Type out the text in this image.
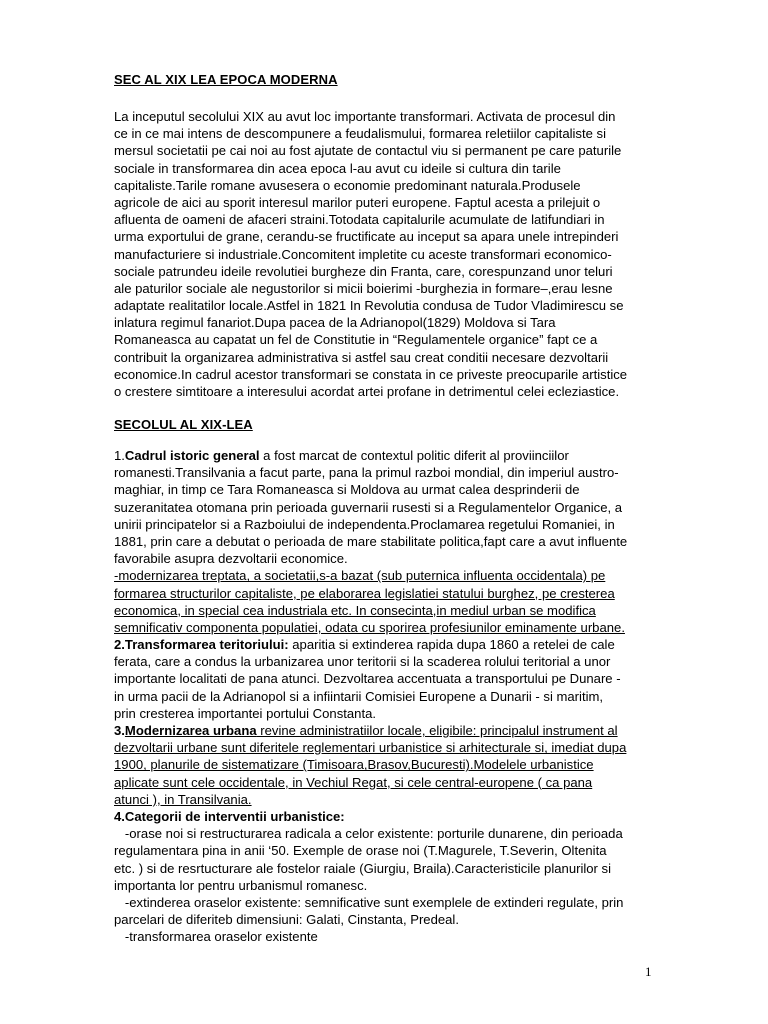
SEC AL XIX LEA EPOCA MODERNA
La inceputul secolului XIX au avut loc importante transformari. Activata de procesul din
ce in ce mai intens de descompunere a feudalismului, formarea reletiilor capitaliste si
mersul societatii pe cai noi au fost ajutate de contactul viu si permanent pe care paturile
sociale in transformarea din acea epoca l-au avut cu ideile si cultura din tarile
capitaliste.Tarile romane avusesera o economie predominant naturala.Produsele
agricole de aici au sporit interesul marilor puteri europene. Faptul acesta a prilejuit o
afluenta de oameni de afaceri straini.Totodata capitalurile acumulate de latifundiari in
urma exportului de grane, cerandu-se fructificate au inceput sa apara unele intrepinderi
manufacturiere si industriale.Concomitent impletite cu aceste transformari economico-
sociale patrundeu ideile revolutiei burgheze din Franta, care, corespunzand unor teluri
ale paturilor sociale ale negustorilor si micii boierimi -burghezia in formare–,erau lesne
adaptate realitatilor locale.Astfel in 1821 In Revolutia condusa de Tudor Vladimirescu se
inlatura regimul fanariot.Dupa pacea de la Adrianopol(1829) Moldova si Tara
Romaneasca au capatat un fel de Constitutie in “Regulamentele organice” fapt ce a
contribuit la organizarea administrativa si astfel sau creat conditii necesare dezvoltarii
economice.In cadrul acestor transformari se constata in ce priveste preocuparile artistice
o crestere simtitoare a interesului acordat artei profane in detrimentul celei ecleziastice.
SECOLUL AL XIX-LEA
1.Cadrul istoric general a fost marcat de contextul politic diferit al proviinciilor
romanesti.Transilvania a facut parte, pana la primul razboi mondial, din imperiul austro-
maghiar, in timp ce Tara Romaneasca si Moldova au urmat calea desprinderii de
suzeranitatea otomana prin perioada guvernarii rusesti si a Regulamentelor Organice, a
unirii principatelor si a Razboiului de independenta.Proclamarea regetului Romaniei, in
1881, prin care a debutat o perioada de mare stabilitate politica,fapt care a avut influente
favorabile asupra dezvoltarii economice.
-modernizarea treptata, a societatii,s-a bazat (sub puternica influenta occidentala) pe
formarea structurilor capitaliste, pe elaborarea legislatiei statului burghez, pe cresterea
economica, in special cea industriala etc. In consecinta,in mediul urban se modifica
semnificativ componenta populatiei, odata cu sporirea profesiunilor eminamente urbane.
2.Transformarea teritoriului: aparitia si extinderea rapida dupa 1860 a retelei de cale
ferata, care a condus la urbanizarea unor teritorii si la scaderea rolului teritorial a unor
importante localitati de pana atunci. Dezvoltarea accentuata a transportului pe Dunare -
in urma pacii de la Adrianopol si a infiintarii Comisiei Europene a Dunarii - si maritim,
prin cresterea importantei portului Constanta.
3.Modernizarea urbana revine administratiilor locale, eligibile: principalul instrument al
dezvoltarii urbane sunt diferitele reglementari urbanistice si arhitecturale si, imediat dupa
1900, planurile de sistematizare (Timisoara,Brasov,Bucuresti).Modelele urbanistice
aplicate sunt cele occidentale, in Vechiul Regat, si cele central-europene ( ca pana
atunci ), in Transilvania.
4.Categorii de interventii urbanistice:
-orase noi si restructurarea radicala a celor existente: porturile dunarene, din perioada
regulamentara pina in anii ‘50. Exemple de orase noi (T.Magurele, T.Severin, Oltenita
etc. ) si de resrtucturare ale fostelor raiale (Giurgiu, Braila).Caracteristicile planurilor si
importanta lor pentru urbanismul romanesc.
-extinderea oraselor existente: semnificative sunt exemplele de extinderi regulate, prin
parcelari de diferiteb dimensiuni: Galati, Cinstanta, Predeal.
-transformarea oraselor existente
1
